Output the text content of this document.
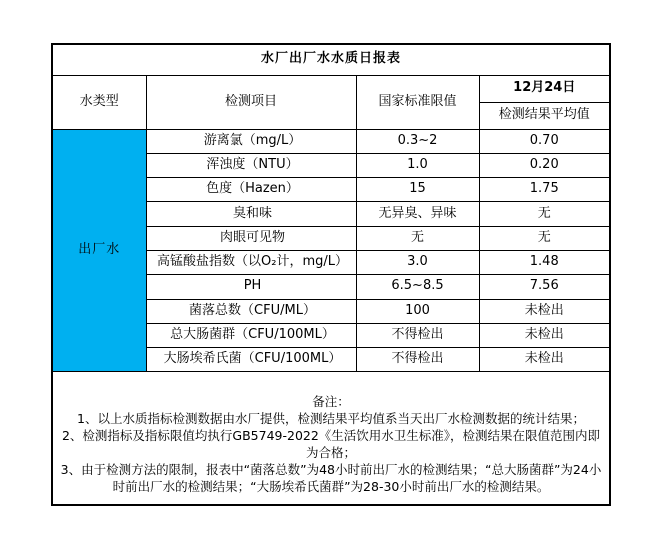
水厂出厂水水质日报表			
水类型	检测项目	国家标准限值	12月24日
			检测结果平均值
出厂水	游离氯（mg/L）	0.3~2	0.70
	浑浊度（NTU）	1.0	0.20
	色度（Hazen）	15	1.75
	臭和味	无异臭、异味	无
	肉眼可见物	无	无
	高锰酸盐指数（以O₂计，mg/L）	3.0	1.48
	PH	6.5~8.5	7.56
	菌落总数（CFU/ML）	100	未检出
	总大肠菌群（CFU/100ML）	不得检出	未检出
	大肠埃希氏菌（CFU/100ML）	不得检出	未检出

备注：
1、以上水质指标检测数据由水厂提供，检测结果平均值系当天出厂水检测数据的统计结果；
2、检测指标及指标限值均执行GB5749-2022《生活饮用水卫生标准》，检测结果在限值范围内即为合格；
3、由于检测方法的限制，报表中“菌落总数”为48小时前出厂水的检测结果；“总大肠菌群”为24小时前出厂水的检测结果；“大肠埃希氏菌群”为28-30小时前出厂水的检测结果。			
